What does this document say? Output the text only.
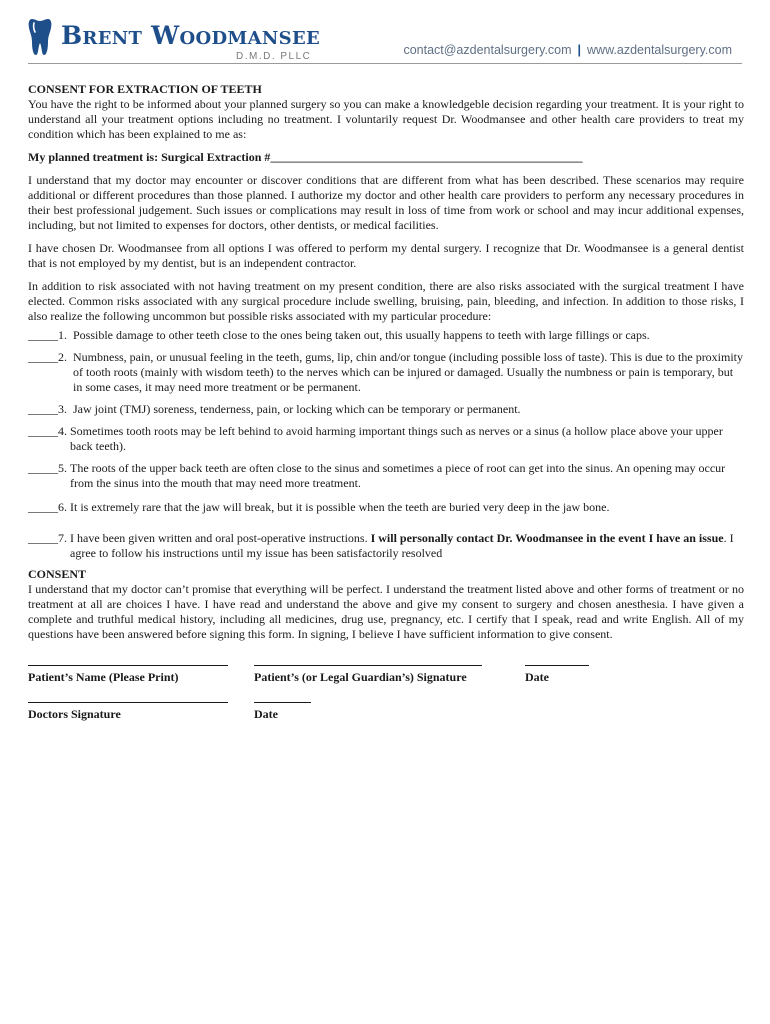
Brent Woodmansee
D.M.D. PLLC	contact@azdentalsurgery.com | www.azdentalsurgery.com
CONSENT FOR EXTRACTION OF TEETH

You have the right to be informed about your planned surgery so you can make a knowledgeble decision regarding your treatment. It is your right to understand all your treatment options including no treatment. I voluntarily request Dr. Woodmansee and other health care providers to treat my condition which has been explained to me as:

My planned treatment is: Surgical Extraction #____________________________________________________

I understand that my doctor may encounter or discover conditions that are different from what has been described. These scenarios may require additional or different procedures than those planned. I authorize my doctor and other health care providers to perform any necessary procedures in their best professional judgement. Such issues or complications may result in loss of time from work or school and may incur additional expenses, including, but not limited to expenses for doctors, other dentists, or medical facilities.

I have chosen Dr. Woodmansee from all options I was offered to perform my dental surgery. I recognize that Dr. Woodmansee is a general dentist that is not employed by my dentist, but is an independent contractor.

In addition to risk associated with not having treatment on my present condition, there are also risks associated with the surgical treatment I have elected. Common risks associated with any surgical procedure include swelling, bruising, pain, bleeding, and infection. In addition to those risks, I also realize the following uncommon but possible risks associated with my particular procedure:

_____1. Possible damage to other teeth close to the ones being taken out, this usually happens to teeth with large fillings or caps.
_____2. Numbness, pain, or unusual feeling in the teeth, gums, lip, chin and/or tongue (including possible loss of taste). This is due to the proximity of tooth roots (mainly with wisdom teeth) to the nerves which can be injured or damaged. Usually the numbness or pain is temporary, but in some cases, it may need more treatment or be permanent.
_____3. Jaw joint (TMJ) soreness, tenderness, pain, or locking which can be temporary or permanent.
_____4. Sometimes tooth roots may be left behind to avoid harming important things such as nerves or a sinus (a hollow place above your upper back teeth).
_____5. The roots of the upper back teeth are often close to the sinus and sometimes a piece of root can get into the sinus. An opening may occur from the sinus into the mouth that may need more treatment.
_____6. It is extremely rare that the jaw will break, but it is possible when the teeth are buried very deep in the jaw bone.
_____7. I have been given written and oral post-operative instructions. I will personally contact Dr. Woodmansee in the event I have an issue. I agree to follow his instructions until my issue has been satisfactorily resolved
CONSENT

I understand that my doctor can’t promise that everything will be perfect. I understand the treatment listed above and other forms of treatment or no treatment at all are choices I have. I have read and understand the above and give my consent to surgery and chosen anesthesia. I have given a complete and truthful medical history, including all medicines, drug use, pregnancy, etc. I certify that I speak, read and write English. All of my questions have been answered before signing this form. In signing, I believe I have sufficient information to give consent.

Patient’s Name (Please Print)	Patient’s (or Legal Guardian’s) Signature	Date
Doctors Signature	Date
